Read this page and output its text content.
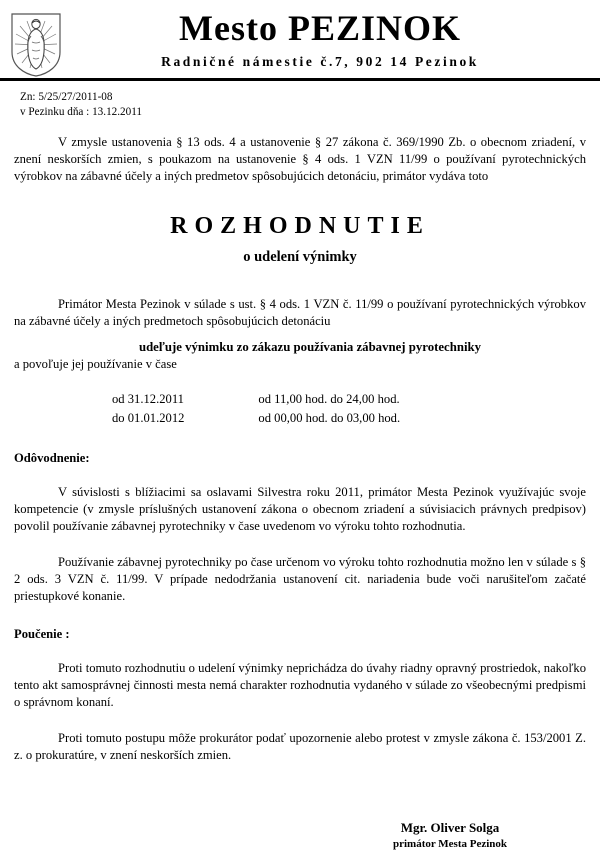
Mesto PEZINOK
Radničné námestie č.7, 902 14 Pezinok
Zn: 5/25/27/2011-08
v Pezinku dňa : 13.12.2011

V zmysle ustanovenia § 13 ods. 4 a ustanovenie § 27 zákona č. 369/1990 Zb. o obecnom zriadení, v znení neskorších zmien, s poukazom na ustanovenie § 4 ods. 1 VZN 11/99 o používaní pyrotechnických výrobkov na zábavné účely a iných predmetov spôsobujúcich detonáciu, primátor vydáva toto

ROZHODNUTIE
o udelení výnimky

Primátor Mesta Pezinok v súlade s ust. § 4 ods. 1 VZN č. 11/99 o používaní pyrotechnických výrobkov na zábavné účely a iných predmetoch spôsobujúcich detonáciu

udeľuje výnimku zo zákazu používania zábavnej pyrotechniky

a povoľuje jej používanie v čase

od 31.12.2011	od 11,00 hod. do 24,00 hod.
do 01.01.2012	od 00,00 hod. do 03,00 hod.
Odôvodnenie:

V súvislosti s blížiacimi sa oslavami Silvestra roku 2011, primátor Mesta Pezinok využívajúc svoje kompetencie (v zmysle príslušných ustanovení zákona o obecnom zriadení a súvisiacich právnych predpisov) povolil používanie zábavnej pyrotechniky v čase uvedenom vo výroku tohto rozhodnutia.

Používanie zábavnej pyrotechniky po čase určenom vo výroku tohto rozhodnutia možno len v súlade s § 2 ods. 3 VZN č. 11/99. V prípade nedodržania ustanovení cit. nariadenia bude voči narušiteľom začaté priestupkové konanie.

Poučenie :

Proti tomuto rozhodnutiu o udelení výnimky neprichádza do úvahy riadny opravný prostriedok, nakoľko tento akt samosprávnej činnosti mesta nemá charakter rozhodnutia vydaného v súlade zo všeobecnými predpismi o správnom konaní.

Proti tomuto postupu môže prokurátor podať upozornenie alebo protest v zmysle zákona č. 153/2001 Z. z. o prokuratúre, v znení neskorších zmien.

Mgr. Oliver Solga
primátor Mesta Pezinok
